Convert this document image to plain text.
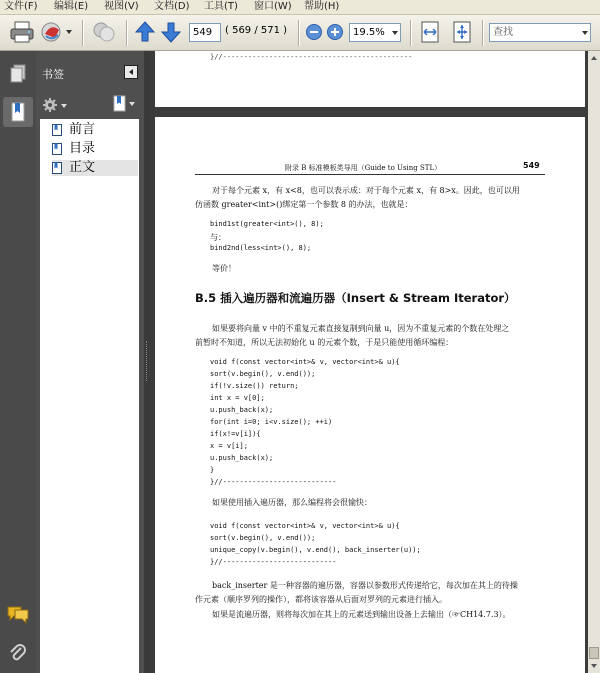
文件(F) 编辑(E) 视图(V) 文档(D) 工具(T) 窗口(W) 帮助(H)
549	( 569 / 571 )	19.5%	查找
书签
前言
目录
正文
}//---------------------------------------------
附录 B 标准模板类导用（Guide to Using STL）	549
对于每个元素 x，有 x<8，也可以表示成：对于每个元素 x，有 8>x。因此，也可以用
仿函数 greater<int>()绑定第一个参数 8 的办法，也就是：
bind1st(greater<int>(), 8);
与：
bind2nd(less<int>(), 8);
等价！
B.5 插入遍历器和流遍历器（Insert & Stream Iterator）
如果要将向量 v 中的不重复元素直接复制到向量 u，因为不重复元素的个数在处理之
前暂时不知道，所以无法初始化 u 的元素个数，于是只能使用循环编程：
void f(const vector<int>& v, vector<int>& u){
sort(v.begin(), v.end());
if(!v.size()) return;
int x = v[0];
u.push_back(x);
for(int i=0; i<v.size(); ++i)
if(x!=v[i]){
x = v[i];
u.push_back(x);
}
}//---------------------------
如果使用插入遍历器，那么编程将会很愉快：
void f(const vector<int>& v, vector<int>& u){
sort(v.begin(), v.end());
unique_copy(v.begin(), v.end(), back_inserter(u));
}//---------------------------
back_inserter 是一种容器的遍历器，容器以参数形式传递给它，每次加在其上的待操
作元素（顺序罗列的操作），都将该容器从后面对罗列的元素进行插入。
如果是流遍历器，则将每次加在其上的元素送到输出设备上去输出（☞CH14.7.3）。
